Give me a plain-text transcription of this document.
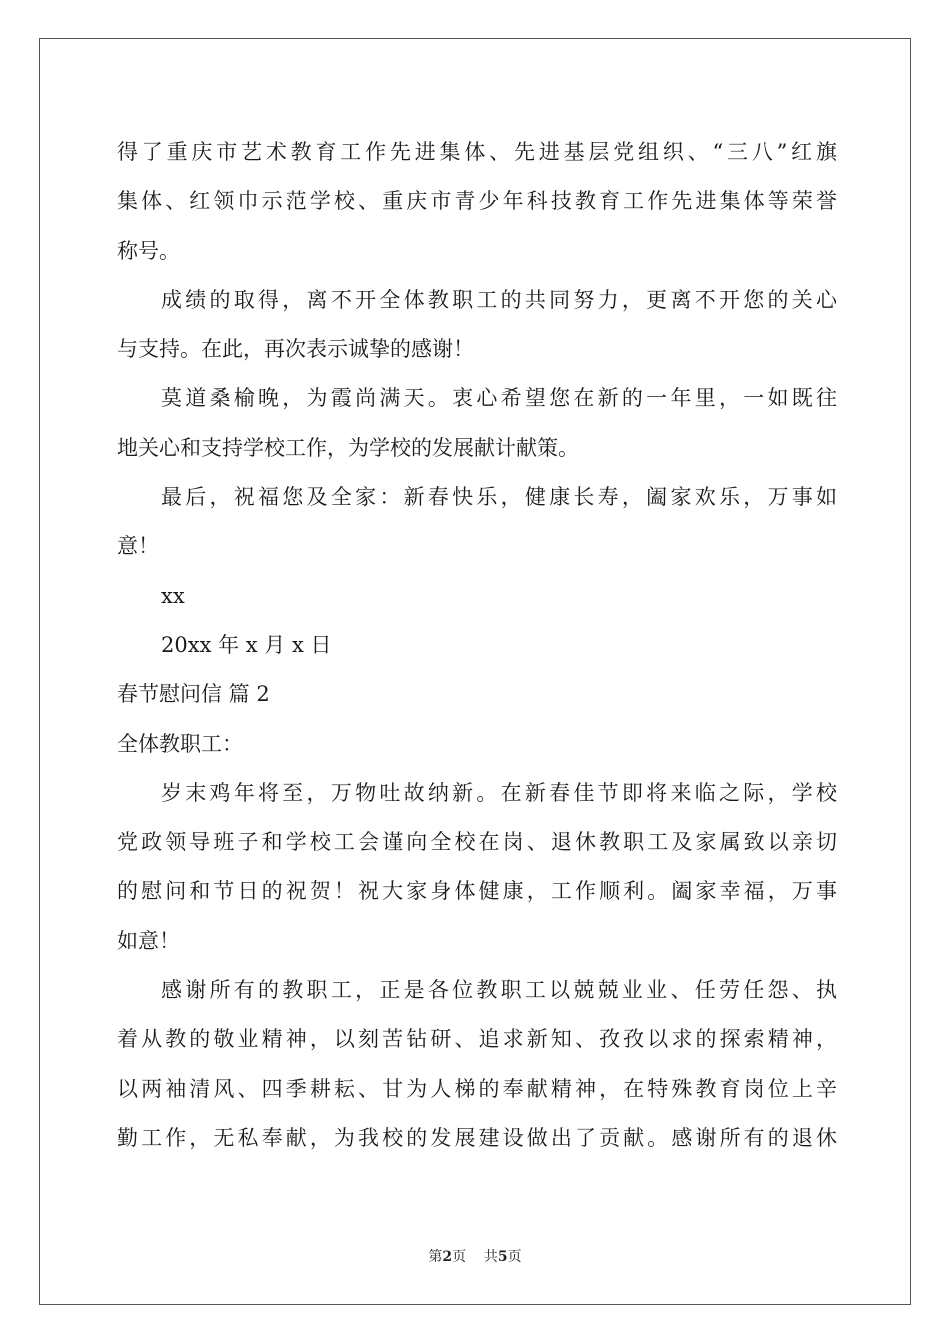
得了重庆市艺术教育工作先进集体、先进基层党组织、“三八”红旗
集体、红领巾示范学校、重庆市青少年科技教育工作先进集体等荣誉
称号。
成绩的取得，离不开全体教职工的共同努力，更离不开您的关心
与支持。在此，再次表示诚挚的感谢！
莫道桑榆晚，为霞尚满天。衷心希望您在新的一年里，一如既往
地关心和支持学校工作，为学校的发展献计献策。
最后，祝福您及全家：新春快乐，健康长寿，阖家欢乐，万事如
意！
xx
20xx 年 x 月 x 日
春节慰问信 篇 2
全体教职工：
岁末鸡年将至，万物吐故纳新。在新春佳节即将来临之际，学校
党政领导班子和学校工会谨向全校在岗、退休教职工及家属致以亲切
的慰问和节日的祝贺！祝大家身体健康，工作顺利。阖家幸福，万事
如意！
感谢所有的教职工，正是各位教职工以兢兢业业、任劳任怨、执
着从教的敬业精神，以刻苦钻研、追求新知、孜孜以求的探索精神，
以两袖清风、四季耕耘、甘为人梯的奉献精神，在特殊教育岗位上辛
勤工作，无私奉献，为我校的发展建设做出了贡献。感谢所有的退休
第2页    共5页
